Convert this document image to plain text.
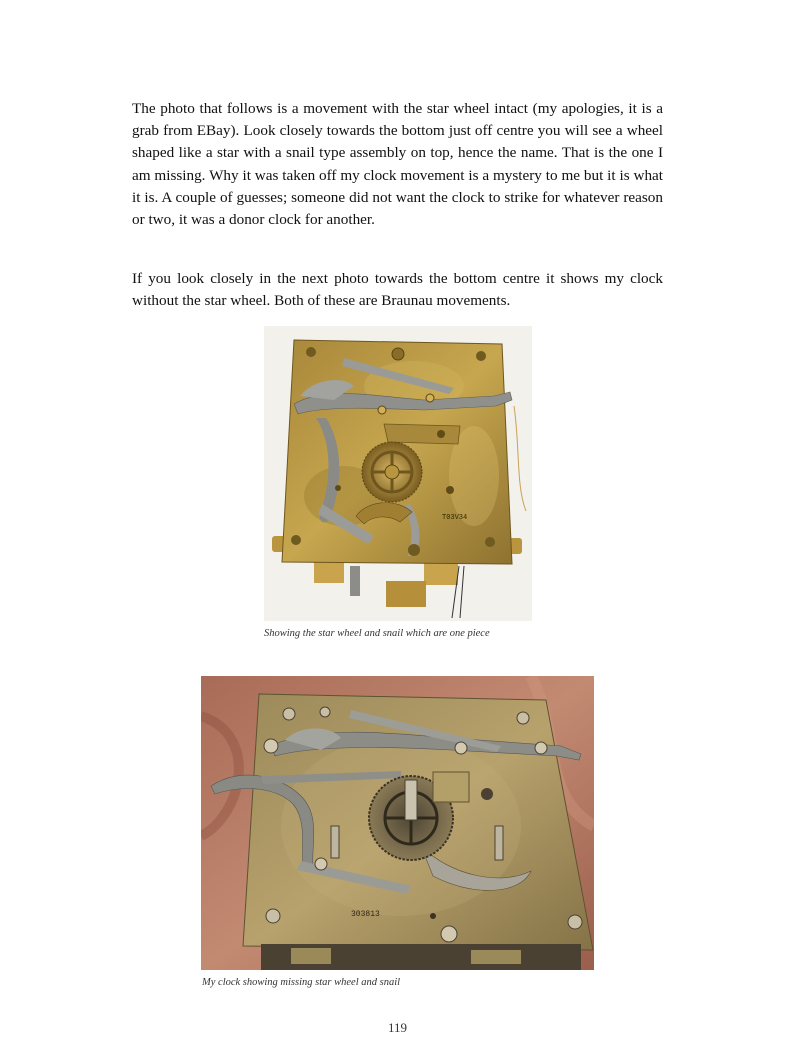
The photo that follows is a movement with the star wheel intact (my apologies, it is a grab from EBay). Look closely towards the bottom just off centre you will see a wheel shaped like a star with a snail type assembly on top, hence the name. That is the one I am missing. Why it was taken off my clock movement is a mystery to me but it is what it is. A couple of guesses; someone did not want the clock to strike for whatever reason or two, it was a donor clock for another.

If you look closely in the next photo towards the bottom centre it shows my clock without the star wheel. Both of these are Braunau movements.

T03V34
Showing the star wheel and snail which are one piece
303813
My clock showing missing star wheel and snail
119
